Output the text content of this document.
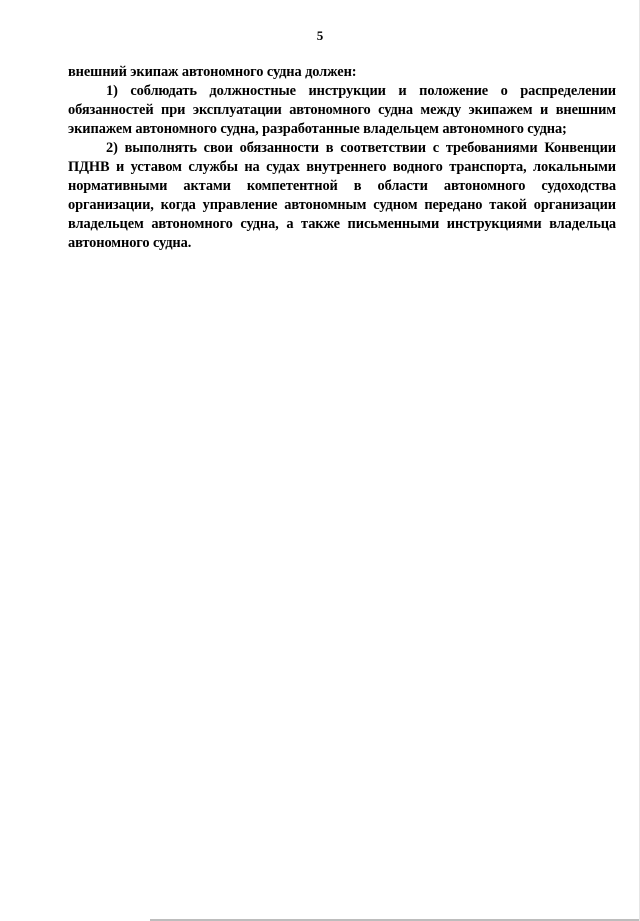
5

внешний экипаж автономного судна должен:

1) соблюдать должностные инструкции и положение о распределении обязанностей при эксплуатации автономного судна между экипажем и внешним экипажем автономного судна, разработанные владельцем автономного судна;

2) выполнять свои обязанности в соответствии с требованиями Конвенции ПДНВ и уставом службы на судах внутреннего водного транспорта, локальными нормативными актами компетентной в области автономного судоходства организации, когда управление автономным судном передано такой организации владельцем автономного судна, а также письменными инструкциями владельца автономного судна.
